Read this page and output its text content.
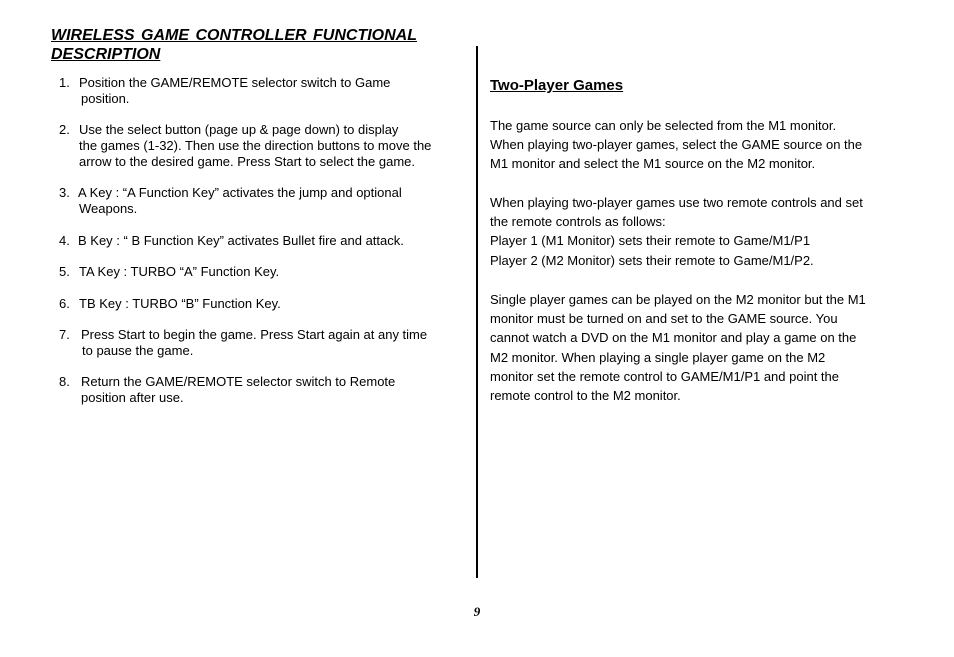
WIRELESS GAME CONTROLLER FUNCTIONAL
DESCRIPTION
1. Position the GAME/REMOTE selector switch to Game
position.
2. Use the select button (page up & page down) to display
the games (1-32). Then use the direction buttons to move the
arrow to the desired game. Press Start to select the game.
3. A Key : “A Function Key” activates the jump and optional
Weapons.
4. B Key : “ B Function Key” activates Bullet fire and attack.
5. TA Key : TURBO “A” Function Key.
6. TB Key : TURBO “B” Function Key.
7. Press Start to begin the game. Press Start again at any time
to pause the game.
8. Return the GAME/REMOTE selector switch to Remote
position after use.
Two-Player Games

The game source can only be selected from the M1 monitor.
When playing two-player games, select the GAME source on the
M1 monitor and select the M1 source on the M2 monitor.

When playing two-player games use two remote controls and set
the remote controls as follows:
Player 1 (M1 Monitor) sets their remote to Game/M1/P1
Player 2 (M2 Monitor) sets their remote to Game/M1/P2.

Single player games can be played on the M2 monitor but the M1
monitor must be turned on and set to the GAME source. You
cannot watch a DVD on the M1 monitor and play a game on the
M2 monitor. When playing a single player game on the M2
monitor set the remote control to GAME/M1/P1 and point the
remote control to the M2 monitor.

9
